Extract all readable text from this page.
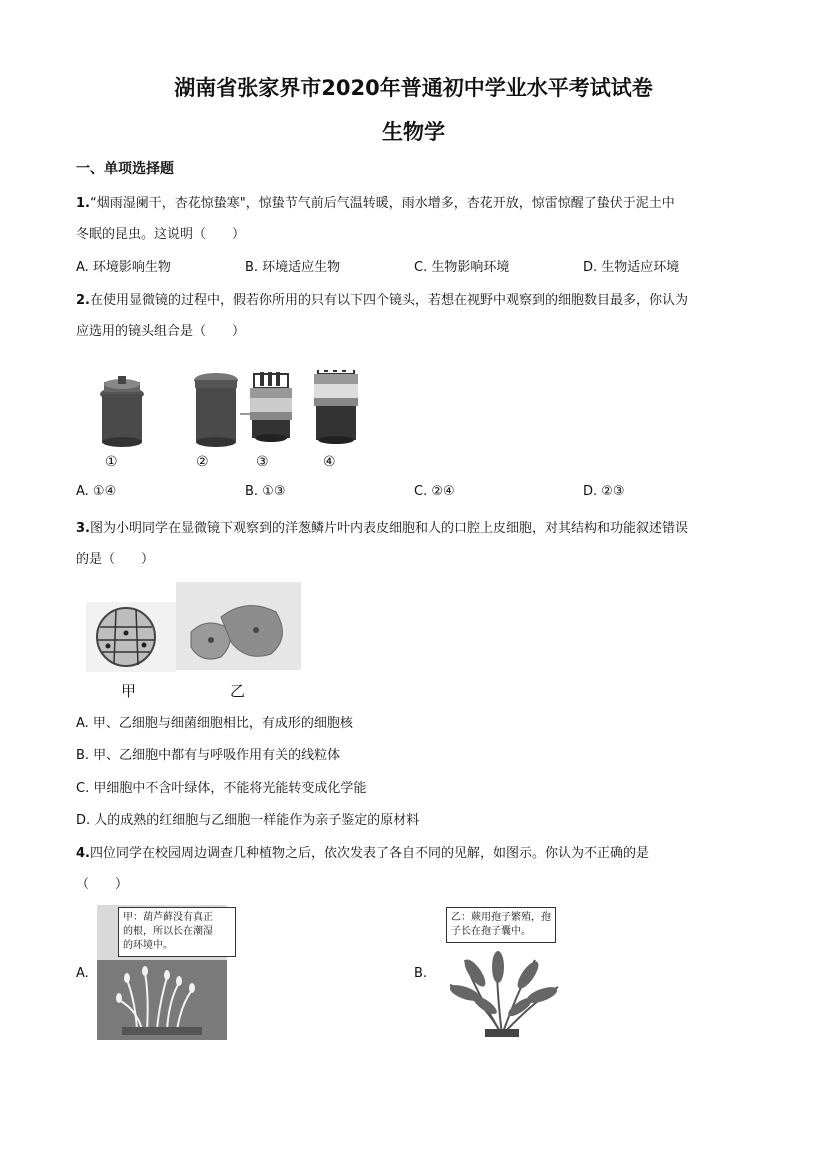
湖南省张家界市2020年普通初中学业水平考试试卷
生物学
一、单项选择题
1.“烟雨湿阑干，杏花惊蛰寒"，惊蛰节气前后气温转暖，雨水增多，杏花开放，惊雷惊醒了蛰伏于泥土中
冬眠的昆虫。这说明（　　）
A. 环境影响生物	B. 环境适应生物	C. 生物影响环境	D. 生物适应环境
2.在使用显微镜的过程中，假若你所用的只有以下四个镜头，若想在视野中观察到的细胞数目最多，你认为
应选用的镜头组合是（　　）
①	②	③	④
A. ①④	B. ①③	C. ②④	D. ②③
3.图为小明同学在显微镜下观察到的洋葱鳞片叶内表皮细胞和人的口腔上皮细胞，对其结构和功能叙述错误
的是（　　）
甲	乙
A. 甲、乙细胞与细菌细胞相比，有成形的细胞核
B. 甲、乙细胞中都有与呼吸作用有关的线粒体
C. 甲细胞中不含叶绿体，不能将光能转变成化学能
D. 人的成熟的红细胞与乙细胞一样能作为亲子鉴定的原材料
4.四位同学在校园周边调查几种植物之后，依次发表了各自不同的见解，如图示。你认为不正确的是
（　　）
A.	B.
甲：葫芦藓没有真正
的根，所以长在潮湿
的环境中。
乙：蕨用孢子繁殖，孢
子长在孢子囊中。
